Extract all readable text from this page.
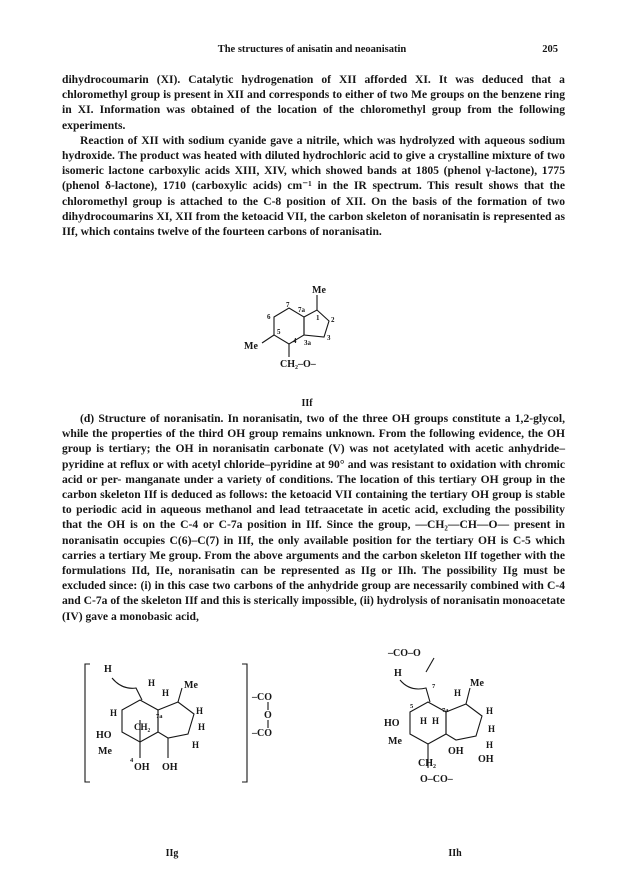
The structures of anisatin and neoanisatin	205

dihydrocoumarin (XI). Catalytic hydrogenation of XII afforded XI. It was deduced that a chloromethyl group is present in XII and corresponds to either of two Me groups on the benzene ring in XI. Information was obtained of the location of the chloromethyl group from the following experiments.

Reaction of XII with sodium cyanide gave a nitrile, which was hydrolyzed with aqueous sodium hydroxide. The product was heated with diluted hydrochloric acid to give a crystalline mixture of two isomeric lactone carboxylic acids XIII, XIV, which showed bands at 1805 (phenol γ-lactone), 1775 (phenol δ-lactone), 1710 (carboxylic acids) cm⁻¹ in the IR spectrum. This result shows that the chloromethyl group is attached to the C-8 position of XII. On the basis of the formation of two dihydrocoumarins XI, XII from the ketoacid VII, the carbon skeleton of noranisatin is represented as IIf, which contains twelve of the fourteen carbons of noranisatin.

Me
7
7a
1 2
3
3a
4
5
6
Me
CH₂–O–
IIf

(d) Structure of noranisatin. In noranisatin, two of the three OH groups constitute a 1,2-glycol, while the properties of the third OH group remains unknown. From the following evidence, the OH group is tertiary; the OH in noranisatin carbonate (V) was not acetylated with acetic anhydride–pyridine at reflux or with acetyl chloride–pyridine at 90° and was resistant to oxidation with chromic acid or per- manganate under a variety of conditions. The location of this tertiary OH group in the carbon skeleton IIf is deduced as follows: the ketoacid VII containing the tertiary OH group is stable to periodic acid in aqueous methanol and lead tetraacetate in acetic acid, excluding the possibility that the OH is on the C-4 or C-7a position in IIf. Since the group, —CH₂—CH—O— present in noranisatin occupies C(6)–C(7) in IIf, the only available position for the tertiary OH is C-5 which carries a tertiary Me group. From the above arguments and the carbon skeleton IIf together with the formulations IId, IIe, noranisatin can be represented as IIg or IIh. The possibility IIg must be excluded since: (i) in this case two carbons of the anhydride group are necessarily combined with C-4 and C-7a of the skeleton IIf and this is sterically impossible, (ii) hydrolysis of noranisatin monoacetate (IV) gave a monobasic acid,

H
H
H
Me
H	7a
CH₂
H
H
H
HO
Me
4
OH OH
–CO
O
–CO
IIg
–CO–O
H
7
H
Me
5
7a	H
HO H H
H
H
Me
OH
OH
CH₂
O–CO–
IIh
